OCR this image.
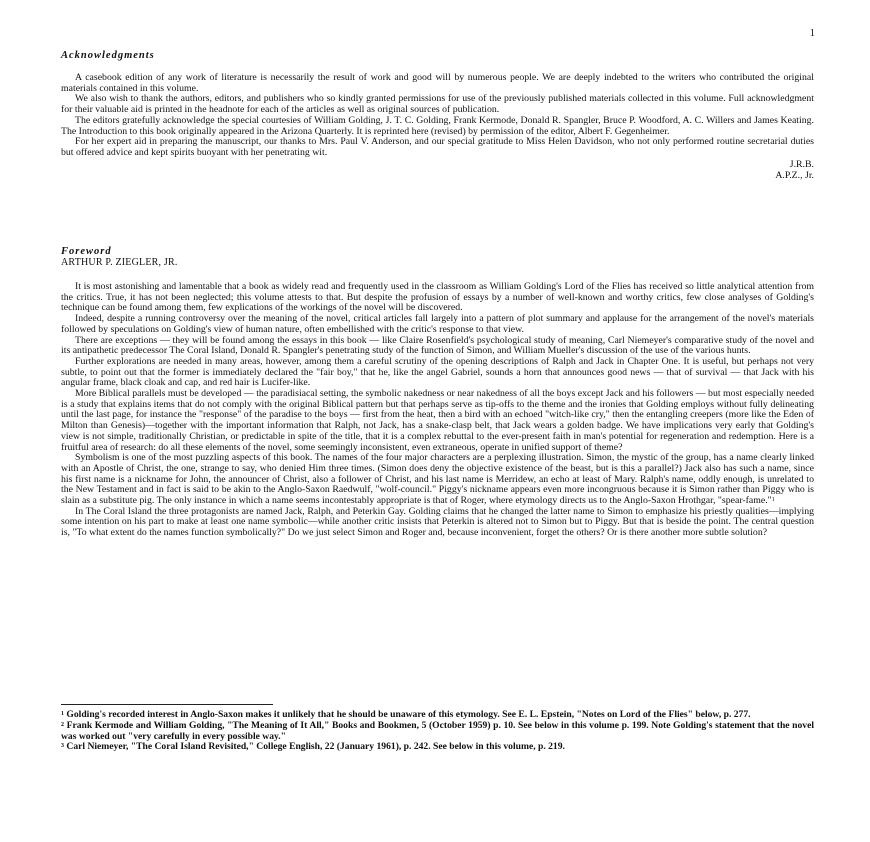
1
Acknowledgments

A casebook edition of any work of literature is necessarily the result of work and good will by numerous people. We are deeply indebted to the writers who contributed the original materials contained in this volume.

We also wish to thank the authors, editors, and publishers who so kindly granted permissions for use of the previously published materials collected in this volume. Full acknowledgment for their valuable aid is printed in the headnote for each of the articles as well as original sources of publication.

The editors gratefully acknowledge the special courtesies of William Golding, J. T. C. Golding, Frank Kermode, Donald R. Spangler, Bruce P. Woodford, A. C. Willers and James Keating. The Introduction to this book originally appeared in the Arizona Quarterly. It is reprinted here (revised) by permission of the editor, Albert F. Gegenheimer.

For her expert aid in preparing the manuscript, our thanks to Mrs. Paul V. Anderson, and our special gratitude to Miss Helen Davidson, who not only performed routine secretarial duties but offered advice and kept spirits buoyant with her penetrating wit.

J.R.B.
A.P.Z., Jr.
Foreword
ARTHUR P. ZIEGLER, JR.

It is most astonishing and lamentable that a book as widely read and frequently used in the classroom as William Golding's Lord of the Flies has received so little analytical attention from the critics. True, it has not been neglected; this volume attests to that. But despite the profusion of essays by a number of well-known and worthy critics, few close analyses of Golding's technique can be found among them, few explications of the workings of the novel will be discovered.

Indeed, despite a running controversy over the meaning of the novel, critical articles fall largely into a pattern of plot summary and applause for the arrangement of the novel's materials followed by speculations on Golding's view of human nature, often embellished with the critic's response to that view.

There are exceptions — they will be found among the essays in this book — like Claire Rosenfield's psychological study of meaning, Carl Niemeyer's comparative study of the novel and its antipathetic predecessor The Coral Island, Donald R. Spangler's penetrating study of the function of Simon, and William Mueller's discussion of the use of the various hunts.

Further explorations are needed in many areas, however, among them a careful scrutiny of the opening descriptions of Ralph and Jack in Chapter One. It is useful, but perhaps not very subtle, to point out that the former is immediately declared the "fair boy," that he, like the angel Gabriel, sounds a horn that announces good news — that of survival — that Jack with his angular frame, black cloak and cap, and red hair is Lucifer-like.

More Biblical parallels must be developed — the paradisiacal setting, the symbolic nakedness or near nakedness of all the boys except Jack and his followers — but most especially needed is a study that explains items that do not comply with the original Biblical pattern but that perhaps serve as tip-offs to the theme and the ironies that Golding employs without fully delineating until the last page, for instance the "response" of the paradise to the boys — first from the heat, then a bird with an echoed "witch-like cry," then the entangling creepers (more like the Eden of Milton than Genesis)—together with the important information that Ralph, not Jack, has a snake-clasp belt, that Jack wears a golden badge. We have implications very early that Golding's view is not simple, traditionally Christian, or predictable in spite of the title, that it is a complex rebuttal to the ever-present faith in man's potential for regeneration and redemption. Here is a fruitful area of research: do all these elements of the novel, some seemingly inconsistent, even extraneous, operate in unified support of theme?

Symbolism is one of the most puzzling aspects of this book. The names of the four major characters are a perplexing illustration. Simon, the mystic of the group, has a name clearly linked with an Apostle of Christ, the one, strange to say, who denied Him three times. (Simon does deny the objective existence of the beast, but is this a parallel?) Jack also has such a name, since his first name is a nickname for John, the announcer of Christ, also a follower of Christ, and his last name is Merridew, an echo at least of Mary. Ralph's name, oddly enough, is unrelated to the New Testament and in fact is said to be akin to the Anglo-Saxon Raedwulf, "wolf-council." Piggy's nickname appears even more incongruous because it is Simon rather than Piggy who is slain as a substitute pig. The only instance in which a name seems incontestably appropriate is that of Roger, where etymology directs us to the Anglo-Saxon Hrothgar, "spear-fame."$^1$

In The Coral Island the three protagonists are named Jack, Ralph, and Peterkin Gay. Golding claims that he changed the latter name to Simon to emphasize his priestly qualities—implying some intention on his part to make at least one name symbolic—while another critic insists that Peterkin is altered not to Simon but to Piggy. But that is beside the point. The central question is, "To what extent do the names function symbolically?" Do we just select Simon and Roger and, because inconvenient, forget the others? Or is there another more subtle solution?

$^1$ Golding's recorded interest in Anglo-Saxon makes it unlikely that he should be unaware of this etymology. See E. L. Epstein, "Notes on Lord of the Flies" below, p. 277.

$^2$ Frank Kermode and William Golding, "The Meaning of It All," Books and Bookmen, 5 (October 1959) p. 10. See below in this volume p. 199. Note Golding's statement that the novel was worked out "very carefully in every possible way."

$^3$ Carl Niemeyer, "The Coral Island Revisited," College English, 22 (January 1961), p. 242. See below in this volume, p. 219.
